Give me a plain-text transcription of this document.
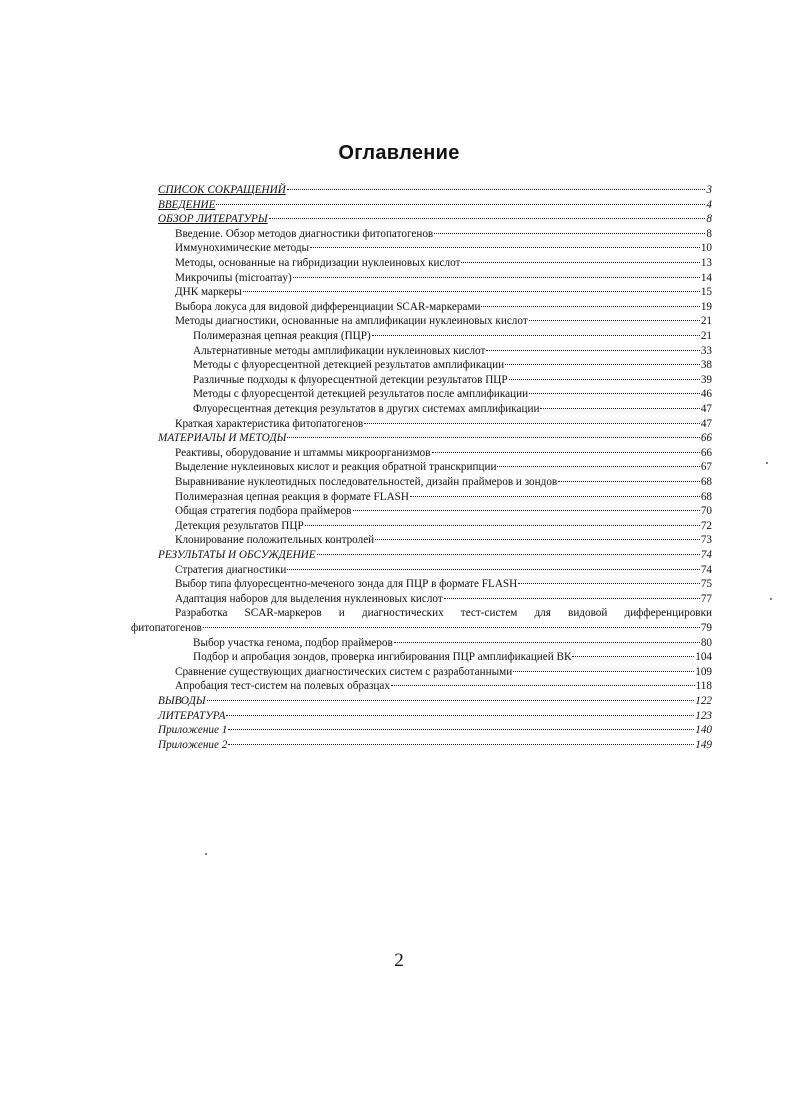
Оглавление
СПИСОК СОКРАЩЕНИЙ	3
ВВЕДЕНИЕ	4
ОБЗОР ЛИТЕРАТУРЫ	8
Введение. Обзор методов диагностики фитопатогенов	8
Иммунохимические методы	10
Методы, основанные на гибридизации нуклеиновых кислот	13
Микрочипы (microarray)	14
ДНК маркеры	15
Выбора локуса для видовой дифференциации SCAR-маркерами	19
Методы диагностики, основанные на амплификации нуклеиновых кислот	21
Полимеразная цепная реакция (ПЦР)	21
Альтернативные методы амплификации нуклеиновых кислот	33
Методы с флуоресцентной детекцией результатов амплификации	38
Различные подходы к флуоресцентной детекции результатов ПЦР	39
Методы с флуоресцентой детекцией результатов после амплификации	46
Флуоресцентная детекция результатов в других системах амплификации	47
Краткая характеристика фитопатогенов	47
МАТЕРИАЛЫ И МЕТОДЫ	66
Реактивы, оборудование и штаммы микроорганизмов	66
Выделение нуклеиновых кислот и реакция обратной транскрипции	67
Выравнивание нуклеотидных последовательностей, дизайн праймеров и зондов	68
Полимеразная цепная реакция в формате FLASH	68
Общая стратегия подбора праймеров	70
Детекция результатов ПЦР	72
Клонирование положительных контролей	73
РЕЗУЛЬТАТЫ И ОБСУЖДЕНИЕ	74
Стратегия диагностики	74
Выбор типа флуоресцентно-меченого зонда для ПЦР в формате FLASH	75
Адаптация наборов для выделения нуклеиновых кислот	77
Разработка SCAR-маркеров и диагностических тест-систем для видовой дифференцировки
фитопатогенов	79
Выбор участка генома, подбор праймеров	80
Подбор и апробация зондов, проверка ингибирования ПЦР амплификацией ВК	104
Сравнение существующих диагностических систем с разработанными	109
Апробация тест-систем на полевых образцах	118
ВЫВОДЫ	122
ЛИТЕРАТУРА	123
Приложение 1	140
Приложение 2	149
2
